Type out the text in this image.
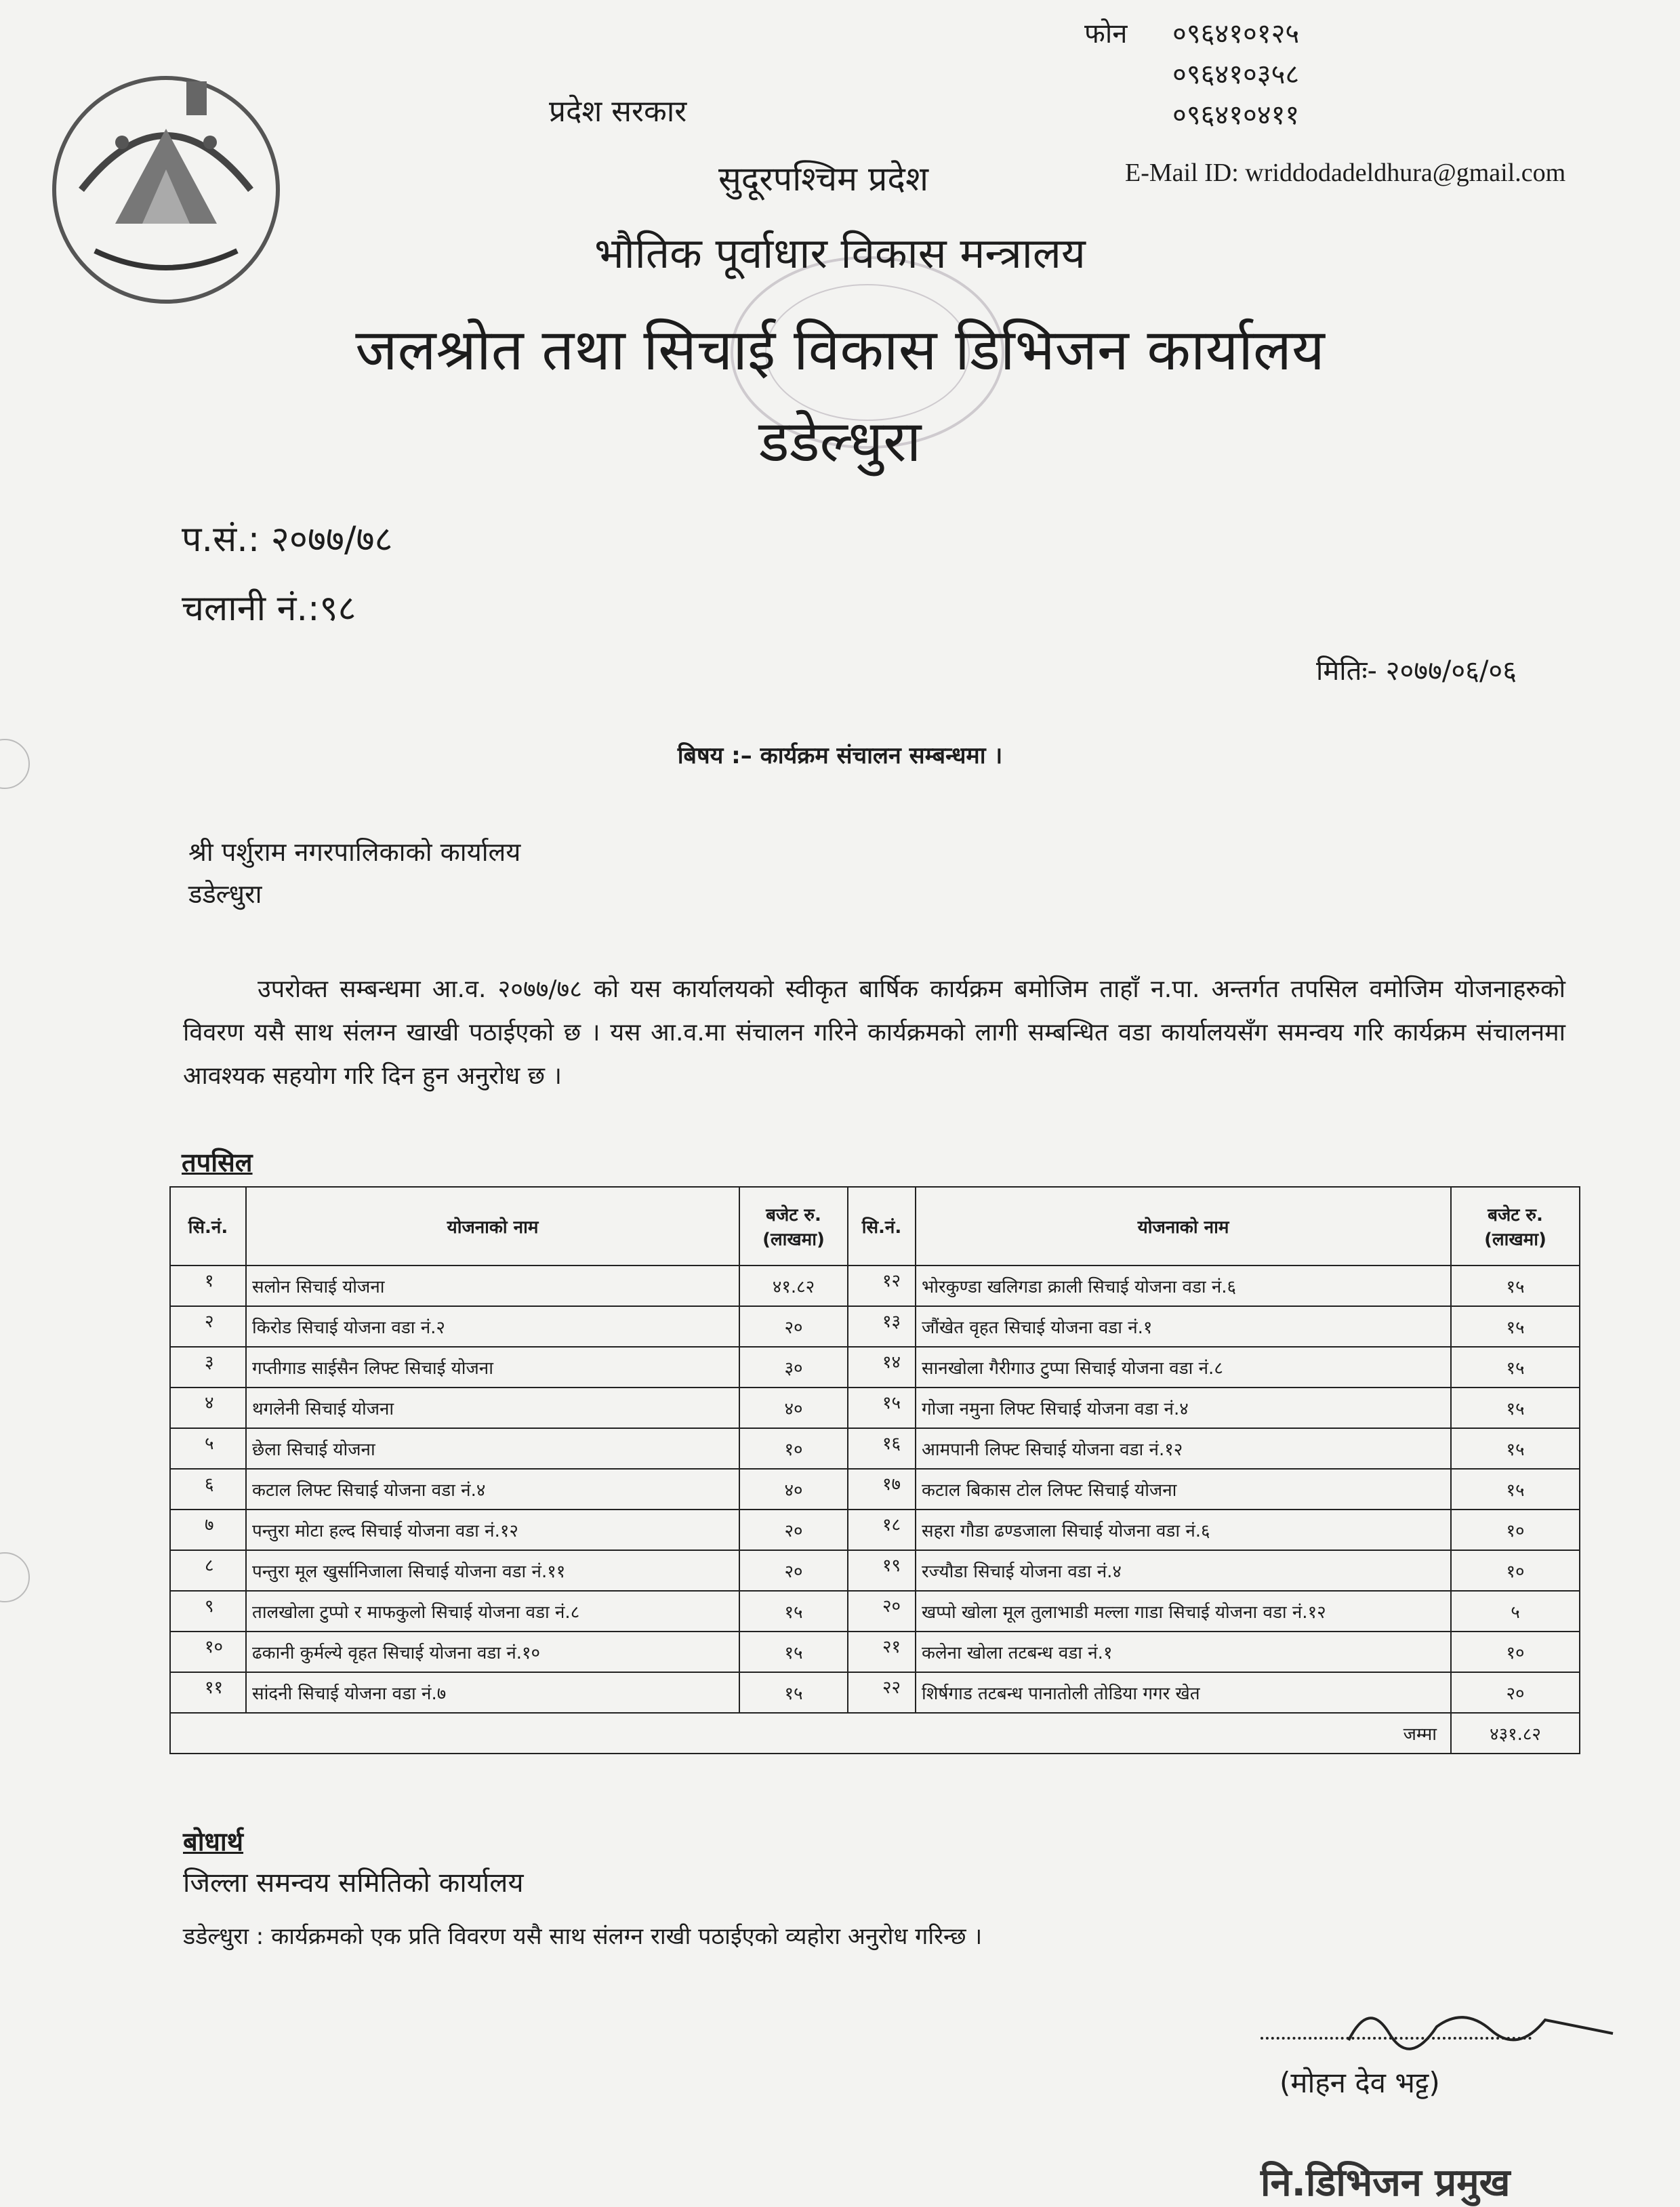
फोन	०९६४१०१२५
०९६४१०३५८
०९६४१०४११
E-Mail ID: wriddodadeldhura@gmail.com
प्रदेश सरकार
सुदूरपश्चिम प्रदेश
भौतिक पूर्वाधार विकास मन्त्रालय
जलश्रोत तथा सिचाई विकास डिभिजन कार्यालय
डडेल्धुरा
प.सं.: २०७७/७८
चलानी नं.:९८
मितिः- २०७७/०६/०६
बिषय :– कार्यक्रम संचालन सम्बन्धमा ।
श्री पर्शुराम नगरपालिकाको कार्यालय
डडेल्धुरा
उपरोक्त सम्बन्धमा आ.व. २०७७/७८ को यस कार्यालयको स्वीकृत बार्षिक कार्यक्रम बमोजिम ताहाँ न.पा. अन्तर्गत तपसिल वमोजिम योजनाहरुको विवरण यसै साथ संलग्न खाखी पठाईएको छ । यस आ.व.मा संचालन गरिने कार्यक्रमको लागी सम्बन्धित वडा कार्यालयसँग समन्वय गरि कार्यक्रम संचालनमा आवश्यक सहयोग गरि दिन हुन अनुरोध छ ।
तपसिल
सि.नं.	योजनाको नाम	बजेट रु. (लाखमा)	सि.नं.	योजनाको नाम	बजेट रु. (लाखमा)
१	सलोन सिचाई योजना	४१.८२	१२	भोरकुण्डा खलिगडा क्राली सिचाई योजना वडा नं.६	१५
२	किरोड सिचाई योजना वडा नं.२	२०	१३	जौंखेत वृहत सिचाई योजना वडा नं.१	१५
३	गप्तीगाड साईसैन लिफ्ट सिचाई योजना	३०	१४	सानखोला गैरीगाउ टुप्पा सिचाई योजना वडा नं.८	१५
४	थगलेनी सिचाई योजना	४०	१५	गोजा नमुना लिफ्ट सिचाई योजना वडा नं.४	१५
५	छेला सिचाई योजना	१०	१६	आमपानी लिफ्ट सिचाई योजना वडा नं.१२	१५
६	कटाल लिफ्ट सिचाई योजना वडा नं.४	४०	१७	कटाल बिकास टोल लिफ्ट सिचाई योजना	१५
७	पन्तुरा मोटा हल्द सिचाई योजना वडा नं.१२	२०	१८	सहरा गौडा ढण्डजाला सिचाई योजना वडा नं.६	१०
८	पन्तुरा मूल खुर्सानिजाला सिचाई योजना वडा नं.११	२०	१९	रज्यौडा सिचाई योजना वडा नं.४	१०
९	तालखोला टुप्पो र माफकुलो सिचाई योजना वडा नं.८	१५	२०	खप्पो खोला मूल तुलाभाडी मल्ला गाडा सिचाई योजना वडा नं.१२	५
१०	ढकानी कुर्मल्ये वृहत सिचाई योजना वडा नं.१०	१५	२१	कलेना खोला तटबन्ध वडा नं.१	१०
११	सांदनी सिचाई योजना वडा नं.७	१५	२२	शिर्षगाड तटबन्ध पानातोली तोडिया गगर खेत	२०
जम्मा					४३१.८२
बोधार्थ
जिल्ला समन्वय समितिको कार्यालय
डडेल्धुरा : कार्यक्रमको एक प्रति विवरण यसै साथ संलग्न राखी पठाईएको व्यहोरा अनुरोध गरिन्छ ।
(मोहन देव भट्ट)
नि.डिभिजन प्रमुख
